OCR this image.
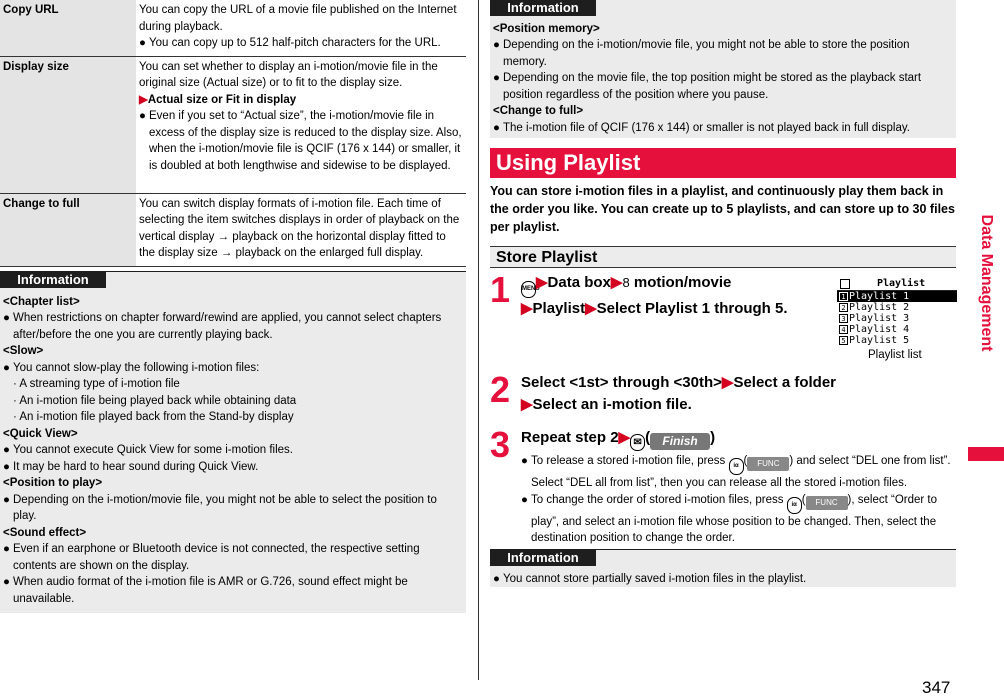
Copy URL	You can copy the URL of a movie file published on the Internet during playback.
● You can copy up to 512 half-pitch characters for the URL.

Display size	You can set whether to display an i-motion/movie file in the original size (Actual size) or to fit to the display size.
▶Actual size or Fit in display
● Even if you set to “Actual size”, the i-motion/movie file in excess of the display size is reduced to the display size. Also, when the i-motion/movie file is QCIF (176 x 144) or smaller, it is doubled at both lengthwise and sidewise to be displayed.

Change to full	You can switch display formats of i-motion file. Each time of selecting the item switches displays in order of playback on the vertical display → playback on the horizontal display fitted to the display size → playback on the enlarged full display.
Information
<Chapter list>
● When restrictions on chapter forward/rewind are applied, you cannot select chapters after/before the one you are currently playing back.
<Slow>
● You cannot slow-play the following i-motion files:
· A streaming type of i-motion file
· An i-motion file being played back while obtaining data
· An i-motion file played back from the Stand-by display
<Quick View>
● You cannot execute Quick View for some i-motion files.
● It may be hard to hear sound during Quick View.
<Position to play>
● Depending on the i-motion/movie file, you might not be able to select the position to play.
<Sound effect>
● Even if an earphone or Bluetooth device is not connected, the respective setting contents are shown on the display.
● When audio format of the i-motion file is AMR or G.726, sound effect might be unavailable.
Information
<Position memory>
● Depending on the i-motion/movie file, you might not be able to store the position memory.
● Depending on the movie file, the top position might be stored as the playback start position regardless of the position where you pause.
<Change to full>
● The i-motion file of QCIF (176 x 144) or smaller is not played back in full display.
Using Playlist
You can store i-motion files in a playlist, and continuously play them back in the order you like. You can create up to 5 playlists, and can store up to 30 files per playlist.
Store Playlist
1 MENU▶Data box▶8 motion/movie
▶Playlist▶Select Playlist 1 through 5.
Playlist
1 Playlist 1
2 Playlist 2
3 Playlist 3
4 Playlist 4
5 Playlist 5
Playlist list
2 Select <1st> through <30th>▶Select a folder
▶Select an i-motion file.
3 Repeat step 2▶ ✉ ( Finish )
● To release a stored i-motion file, press iα ( FUNC ) and select “DEL one from list”. Select “DEL all from list”, then you can release all the stored i-motion files.
● To change the order of stored i-motion files, press iα ( FUNC ), select “Order to play”, and select an i-motion file whose position to be changed. Then, select the destination position to change the order.
Information
● You cannot store partially saved i-motion files in the playlist.
Data Management
347
